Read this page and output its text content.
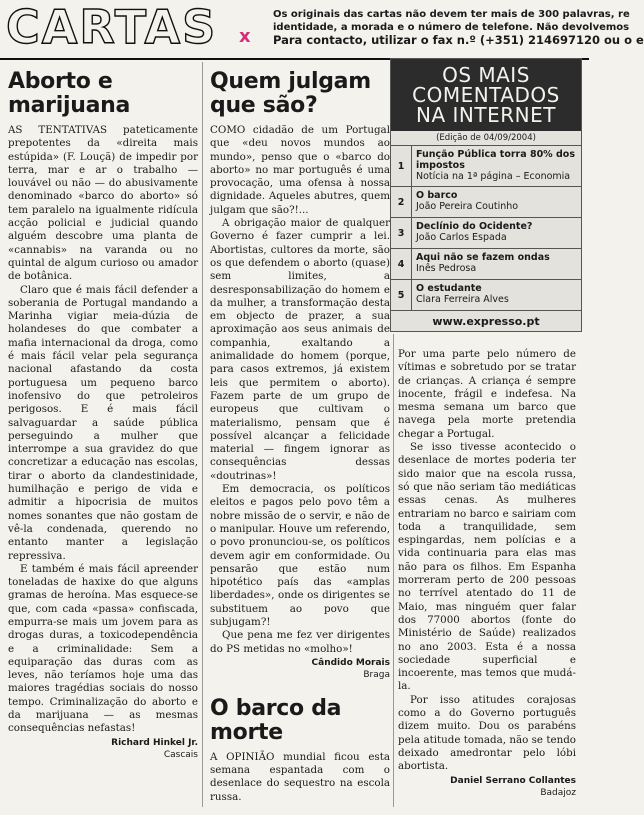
CARTAS x
Os originais das cartas não devem ter mais de 300 palavras, re
identidade, a morada e o número de telefone. Não devolvemos
Para contacto, utilizar o fax n.º (+351) 214697120 ou o e
Aborto e marijuana

AS TENTATIVAS pateticamente prepotentes da «direita mais estúpida» (F. Louçã) de impedir por terra, mar e ar o trabalho — louvável ou não — do abusivamente denominado «barco do aborto» só tem paralelo na igualmente ridícula acção policial e judicial quando alguém descobre uma planta de «cannabis» na varanda ou no quintal de algum curioso ou amador de botânica.

Claro que é mais fácil defender a soberania de Portugal mandando a Marinha vigiar meia-dúzia de holandeses do que combater a mafia internacional da droga, como é mais fácil velar pela segurança nacional afastando da costa portuguesa um pequeno barco inofensivo do que petroleiros perigosos. E é mais fácil salvaguardar a saúde pública perseguindo a mulher que interrompe a sua gravidez do que concretizar a educação nas escolas, tirar o aborto da clandestinidade, humilhação e perigo de vida e admitir a hipocrisia de muitos nomes sonantes que não gostam de vê-la condenada, querendo no entanto manter a legislação repressiva.

E também é mais fácil apreender toneladas de haxixe do que alguns gramas de heroína. Mas esquece-se que, com cada «passa» confiscada, empurra-se mais um jovem para as drogas duras, a toxicodependência e a criminalidade: Sem a equiparação das duras com as leves, não teríamos hoje uma das maiores tragédias sociais do nosso tempo. Criminalização do aborto e da marijuana — as mesmas consequências nefastas!

Richard Hinkel Jr.
Cascais
Quem julgam que são?

COMO cidadão de um Portugal que «deu novos mundos ao mundo», penso que o «barco do aborto» no mar português é uma provocação, uma ofensa à nossa dignidade. Aqueles abutres, quem julgam que são?!...

A obrigação maior de qualquer Governo é fazer cumprir a lei. Abortistas, cultores da morte, são os que defendem o aborto (quase) sem limites, a desresponsabilização do homem e da mulher, a transformação desta em objecto de prazer, a sua aproximação aos seus animais de companhia, exaltando a animalidade do homem (porque, para casos extremos, já existem leis que permitem o aborto). Fazem parte de um grupo de europeus que cultivam o materialismo, pensam que é possível alcançar a felicidade material — fingem ignorar as consequências dessas «doutrinas»!

Em democracia, os políticos eleitos e pagos pelo povo têm a nobre missão de o servir, e não de o manipular. Houve um referendo, o povo pronunciou-se, os políticos devem agir em conformidade. Ou pensarão que estão num hipotético país das «amplas liberdades», onde os dirigentes se substituem ao povo que subjugam?!

Que pena me fez ver dirigentes do PS metidas no «molho»!

Cândido Morais
Braga
O barco da morte

A OPINIÃO mundial ficou esta semana espantada com o desenlace do sequestro na escola russa.

OS MAIS
COMENTADOS
NA INTERNET
(Edição de 04/09/2004)
1
Função Pública torra 80% dos impostos
Notícia na 1ª página – Economia
2
O barco
João Pereira Coutinho
3
Declínio do Ocidente?
João Carlos Espada
4
Aqui não se fazem ondas
Inês Pedrosa
5
O estudante
Clara Ferreira Alves
www.expresso.pt

Por uma parte pelo número de vítimas e sobretudo por se tratar de crianças. A criança é sempre inocente, frágil e indefesa. Na mesma semana um barco que navega pela morte pretendia chegar a Portugal.

Se isso tivesse acontecido o desenlace de mortes poderia ter sido maior que na escola russa, só que não seriam tão mediáticas essas cenas. As mulheres entrariam no barco e sairiam com toda a tranquilidade, sem espingardas, nem polícias e a vida continuaria para elas mas não para os filhos. Em Espanha morreram perto de 200 pessoas no terrível atentado do 11 de Maio, mas ninguém quer falar dos 77000 abortos (fonte do Ministério de Saúde) realizados no ano 2003. Esta é a nossa sociedade superficial e incoerente, mas temos que mudá-la.

Por isso atitudes corajosas como a do Governo português dizem muito. Dou os parabéns pela atitude tomada, não se tendo deixado amedrontar pelo lóbi abortista.

Daniel Serrano Collantes
Badajoz
